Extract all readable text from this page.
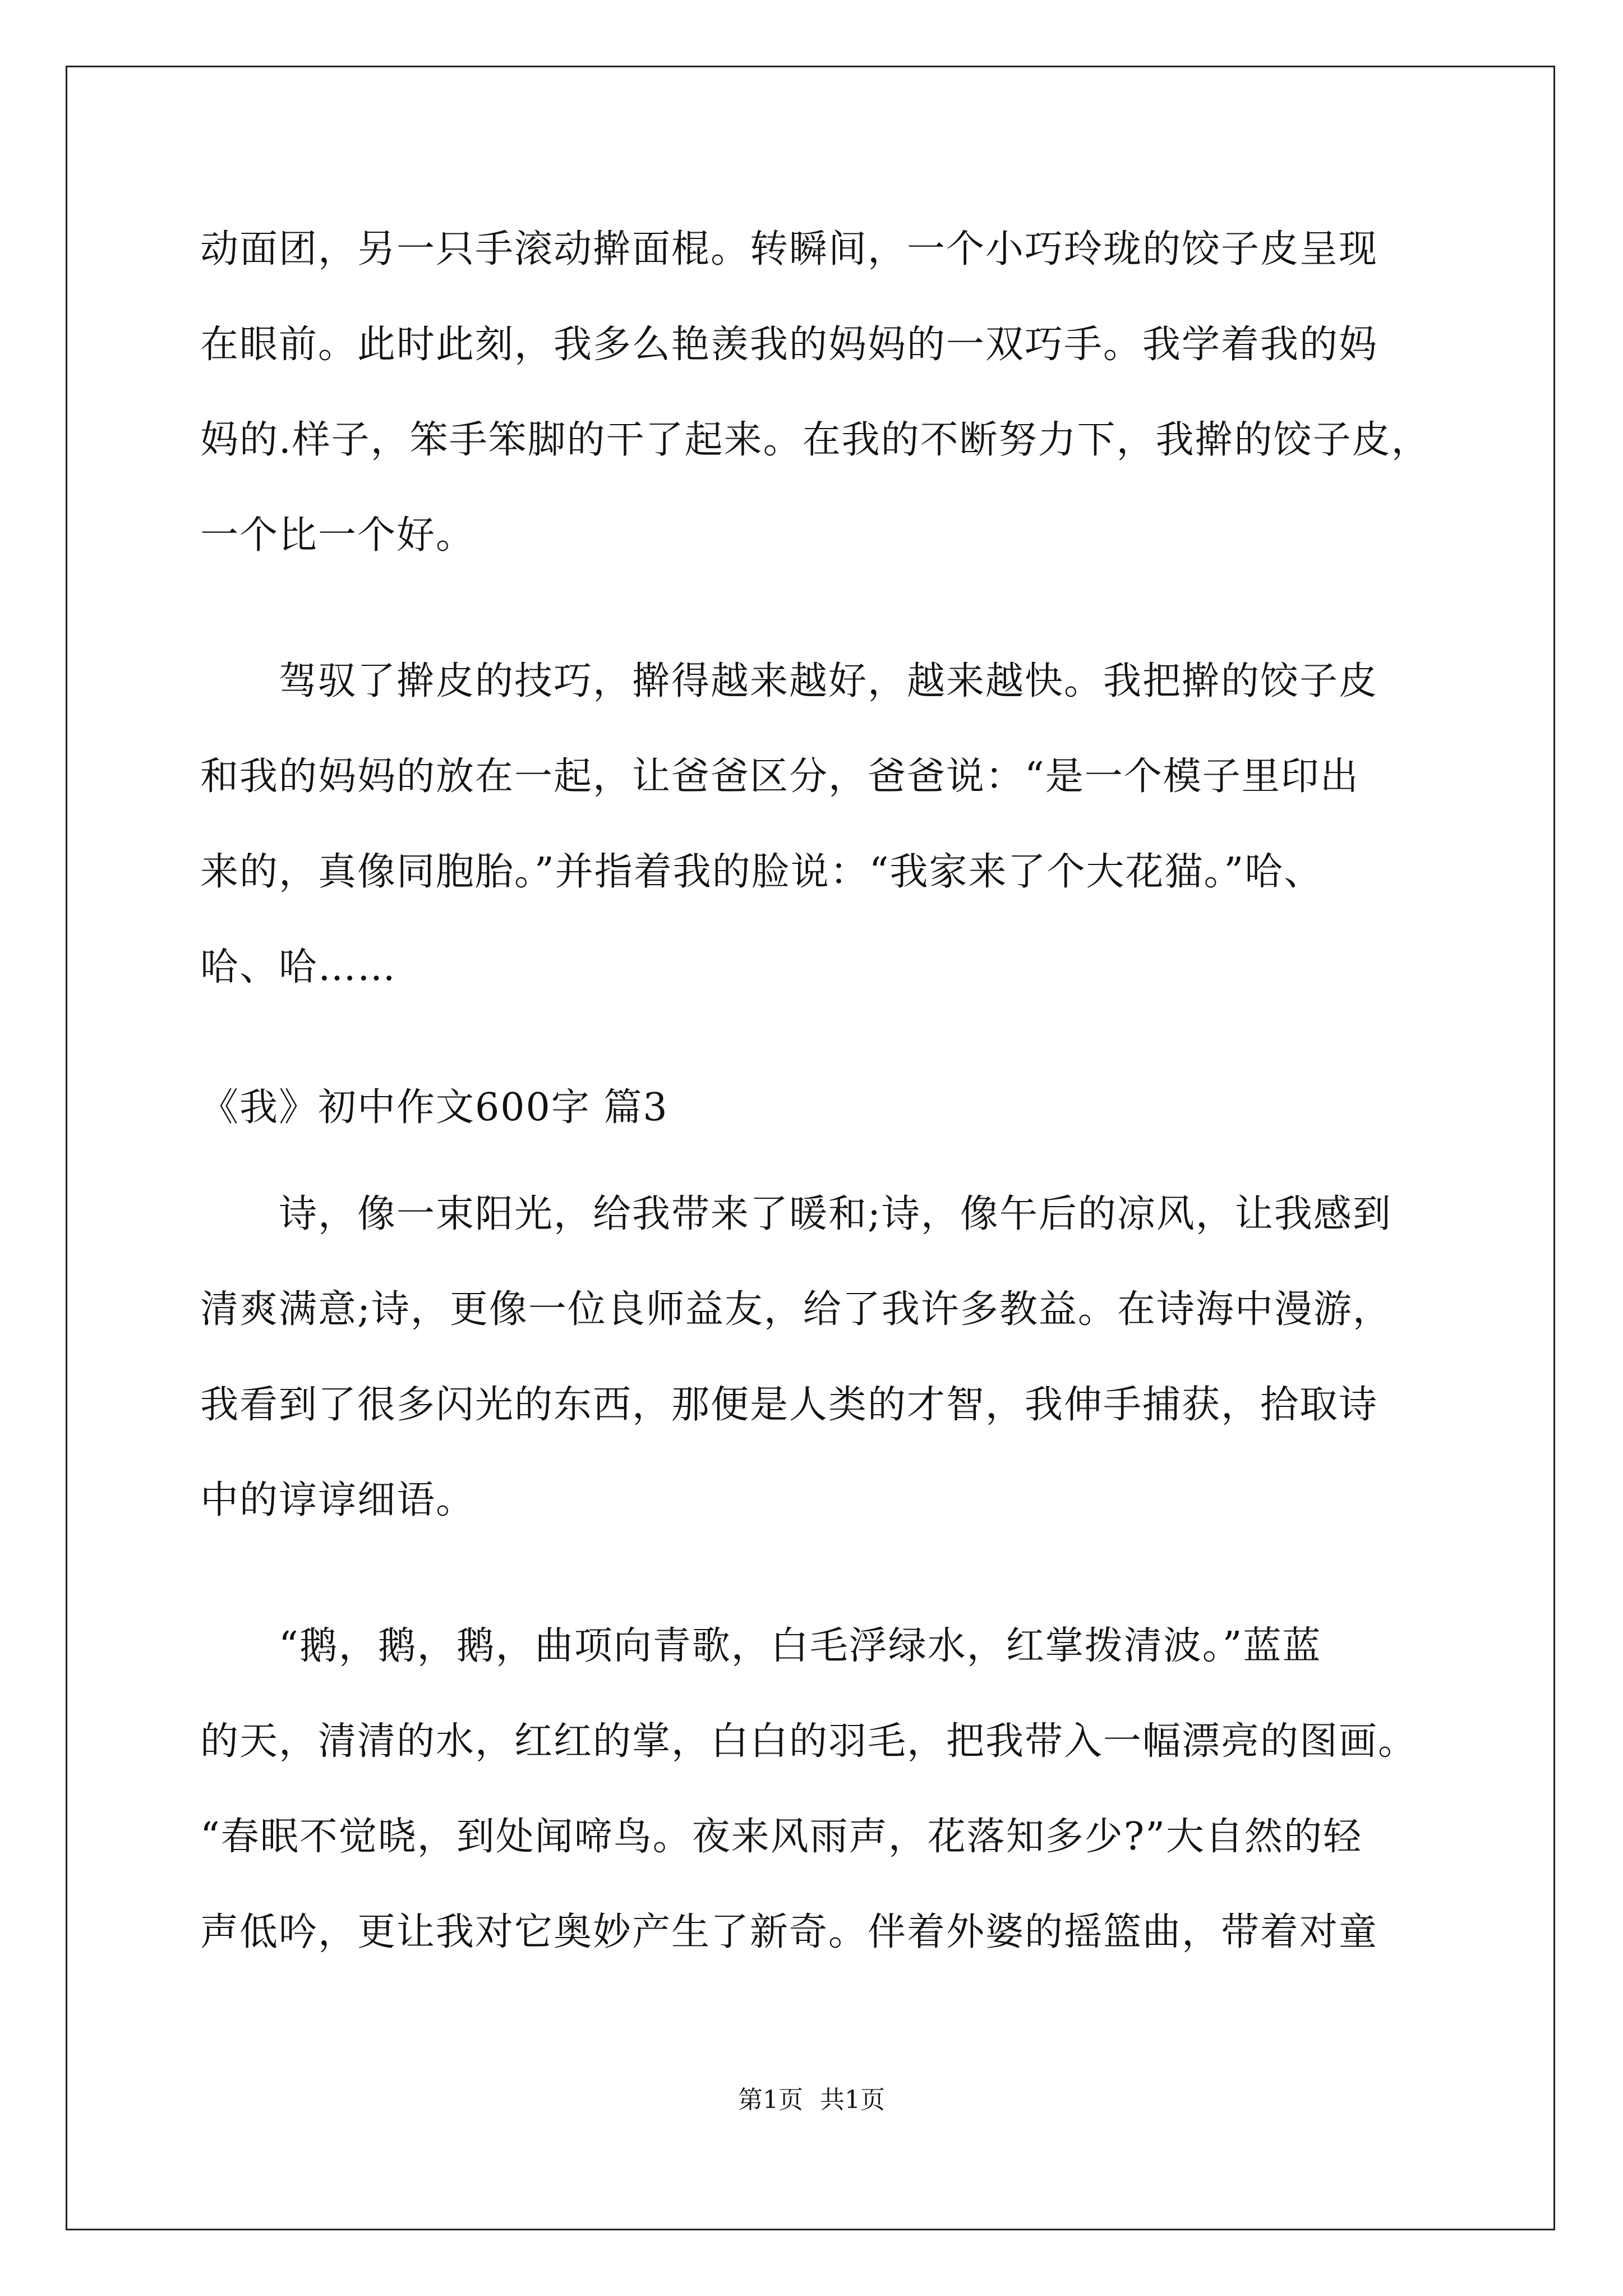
动面团，另一只手滚动擀面棍。转瞬间，一个小巧玲珑的饺子皮呈现
在眼前。此时此刻，我多么艳羡我的妈妈的一双巧手。我学着我的妈
妈的.样子，笨手笨脚的干了起来。在我的不断努力下，我擀的饺子皮，
一个比一个好。
驾驭了擀皮的技巧，擀得越来越好，越来越快。我把擀的饺子皮
和我的妈妈的放在一起，让爸爸区分，爸爸说：“是一个模子里印出
来的，真像同胞胎。”并指着我的脸说：“我家来了个大花猫。”哈、
哈、哈……
《我》初中作文600字 篇3
诗，像一束阳光，给我带来了暖和;诗，像午后的凉风，让我感到
清爽满意;诗，更像一位良师益友，给了我许多教益。在诗海中漫游，
我看到了很多闪光的东西，那便是人类的才智，我伸手捕获，拾取诗
中的谆谆细语。
“鹅，鹅，鹅，曲项向青歌，白毛浮绿水，红掌拨清波。”蓝蓝
的天，清清的水，红红的掌，白白的羽毛，把我带入一幅漂亮的图画。
“春眠不觉晓，到处闻啼鸟。夜来风雨声，花落知多少?”大自然的轻
声低吟，更让我对它奥妙产生了新奇。伴着外婆的摇篮曲，带着对童
第1页 共1页
